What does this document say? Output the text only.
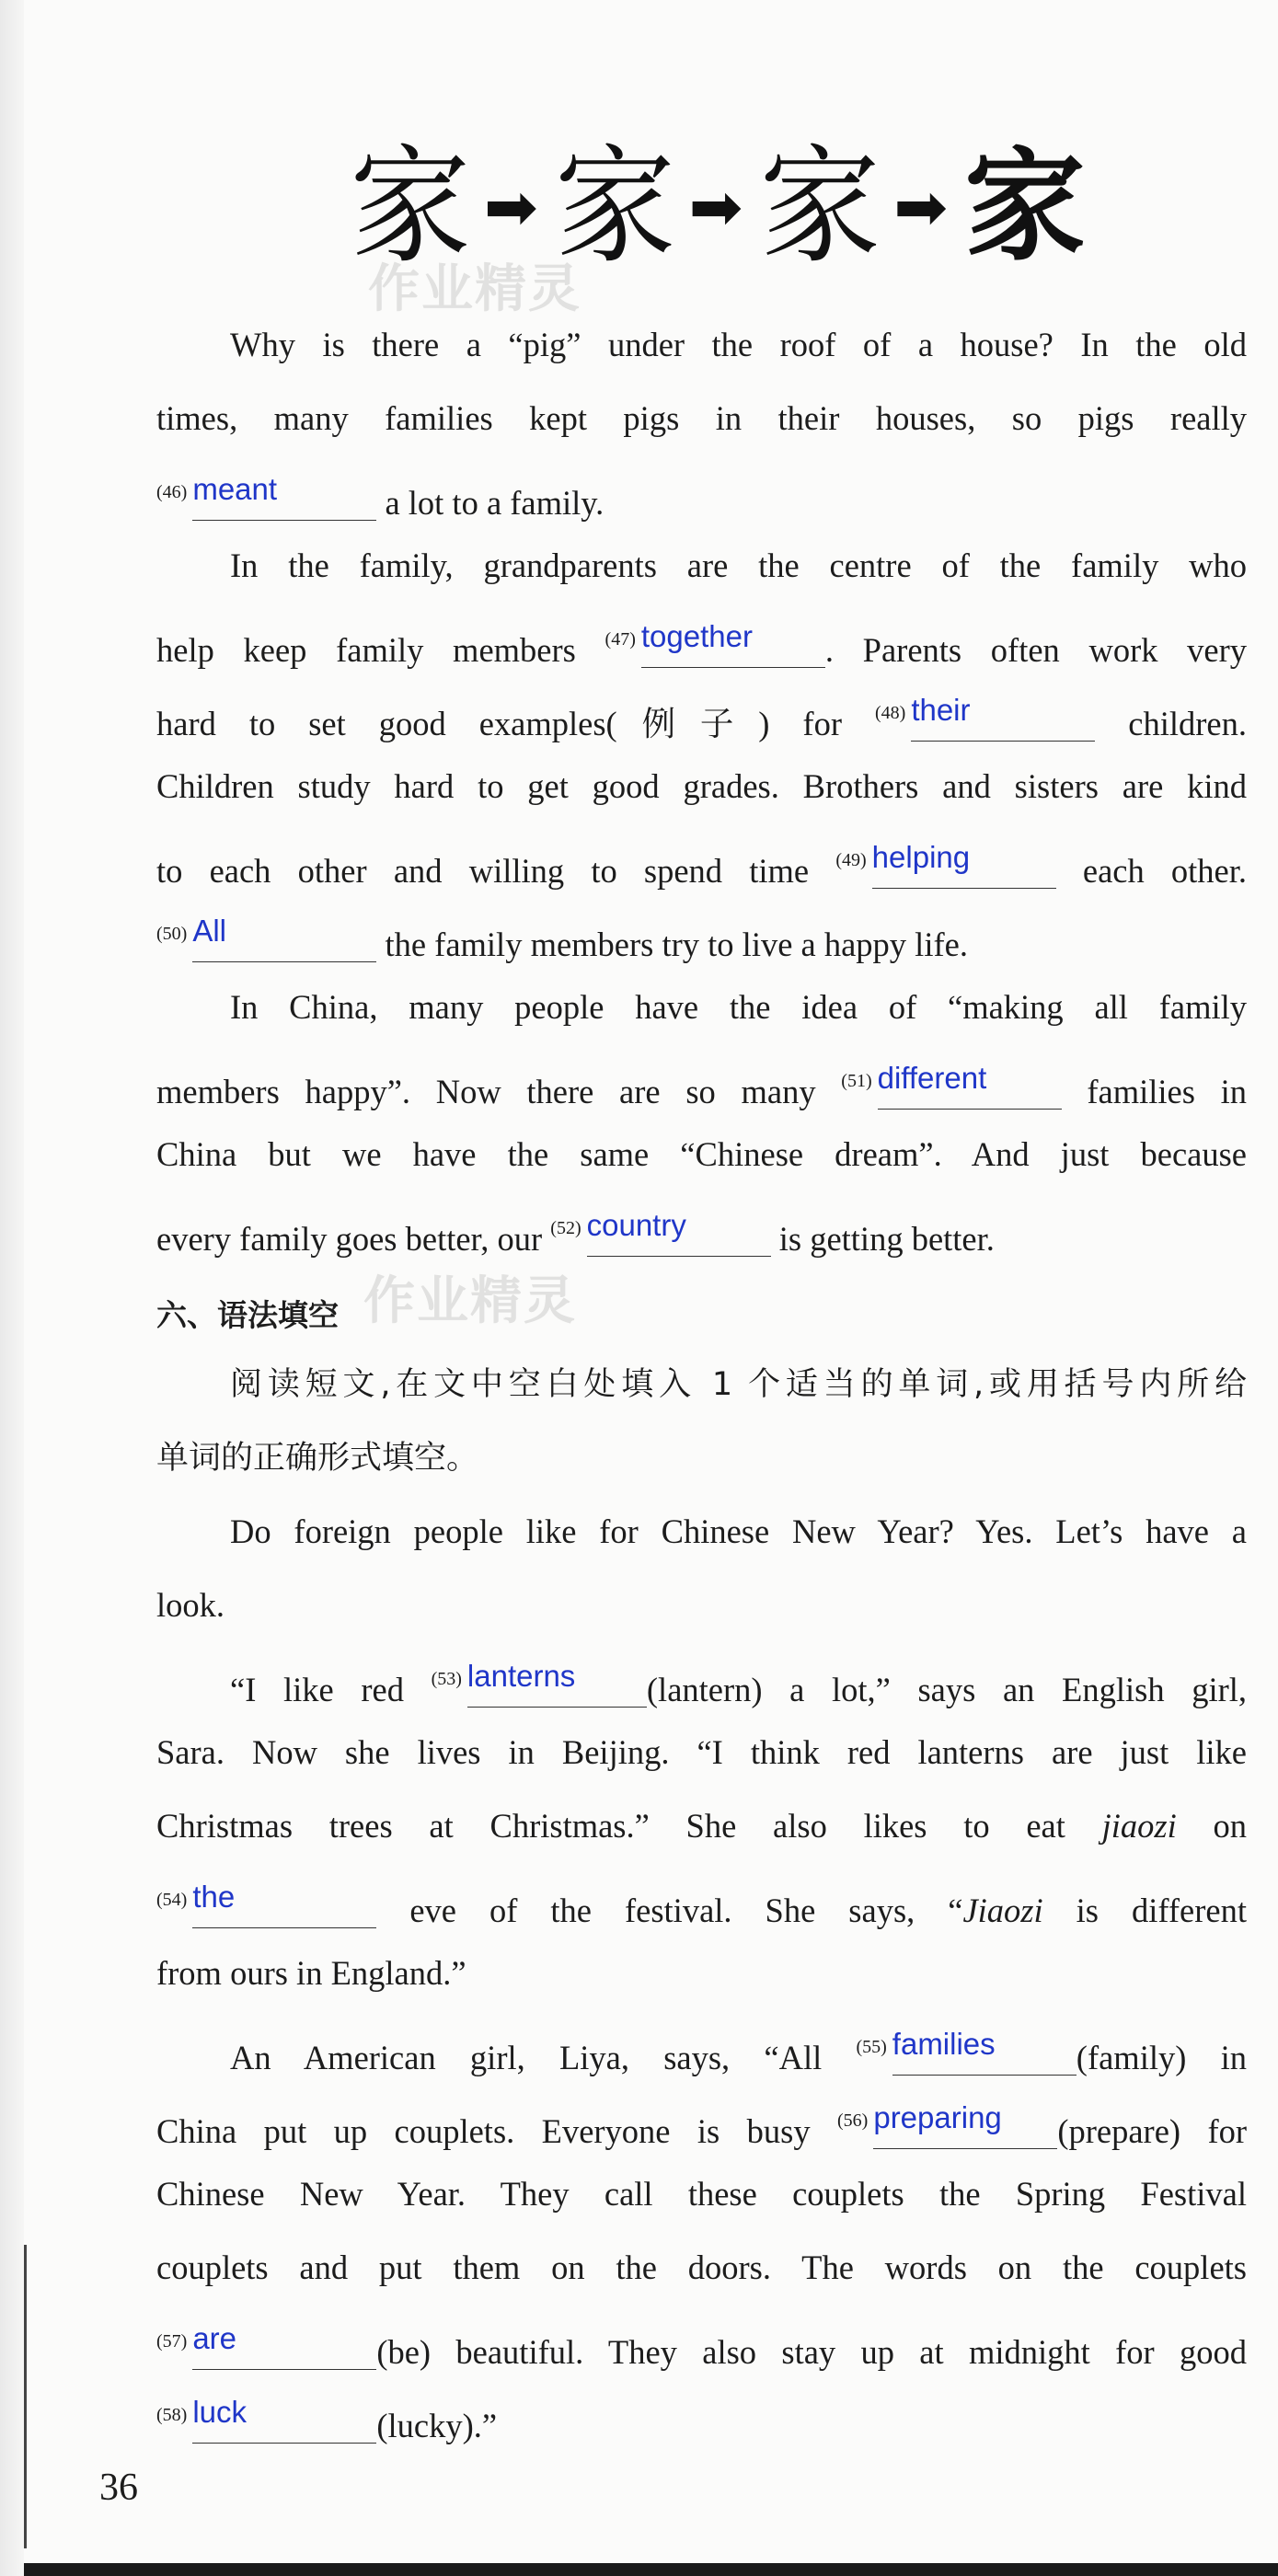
家 ➡ 家 ➡ 家 ➡ 家
作业精灵
作业精灵
Why is there a “pig” under the roof of a house? In the old
times, many families kept pigs in their houses, so pigs really
$^{(46)}$ meant	a lot to a family.
In the family, grandparents are the centre of the family who
help keep family members $^{(47)}$ together . Parents often work very
hard to set good examples(例子) for $^{(48)}$ their	children.
Children study hard to get good grades. Brothers and sisters are kind
to each other and willing to spend time $^{(49)}$ helping	each other.
$^{(50)}$ All	the family members try to live a happy life.
In China, many people have the idea of “making all family
members happy”. Now there are so many $^{(51)}$ different	families in
China but we have the same “Chinese dream”. And just because
every family goes better, our $^{(52)}$ country	is getting better.
六、语法填空
阅读短文,在文中空白处填入 1 个适当的单词,或用括号内所给
单词的正确形式填空。
Do foreign people like for Chinese New Year? Yes. Let’s have a
look.
“I like red $^{(53)}$ lanterns (lantern) a lot,” says an English girl,
Sara. Now she lives in Beijing. “I think red lanterns are just like
Christmas trees at Christmas.” She also likes to eat jiaozi on
$^{(54)}$ the	eve of the festival. She says, “Jiaozi is different
from ours in England.”
An American girl, Liya, says, “All $^{(55)}$ families (family) in
China put up couplets. Everyone is busy $^{(56)}$ preparing (prepare) for
Chinese New Year. They call these couplets the Spring Festival
couplets and put them on the doors. The words on the couplets
$^{(57)}$ are	(be) beautiful. They also stay up at midnight for good
$^{(58)}$ luck	(lucky).”
36
